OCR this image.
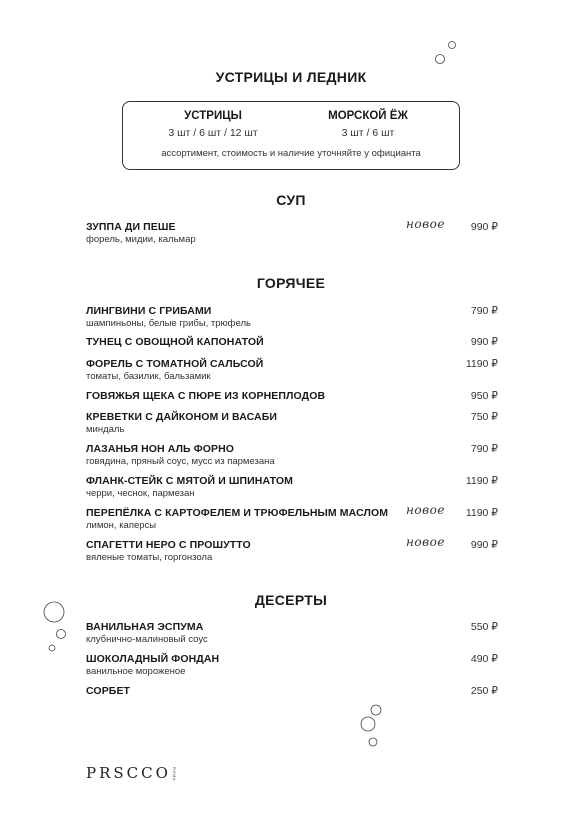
УСТРИЦЫ И ЛЕДНИК
УСТРИЦЫ
3 шт / 6 шт / 12 шт
МОРСКОЙ ЁЖ
3 шт / 6 шт
ассортимент, стоимость и наличие уточняйте у официанта
СУП
ЗУППА ДИ ПЕШЕ
форель, мидии, кальмар
новое 990 ₽
ГОРЯЧЕЕ
ЛИНГВИНИ С ГРИБАМИ
шампиньоны, белые грибы, трюфель
790 ₽
ТУНЕЦ С ОВОЩНОЙ КАПОНАТОЙ	990 ₽
ФОРЕЛЬ С ТОМАТНОЙ САЛЬСОЙ
томаты, базилик, бальзамик
1190 ₽
ГОВЯЖЬЯ ЩЕКА С ПЮРЕ ИЗ КОРНЕПЛОДОВ	950 ₽
КРЕВЕТКИ С ДАЙКОНОМ И ВАСАБИ
миндаль
750 ₽
ЛАЗАНЬЯ НОН АЛЬ ФОРНО
говядина, пряный соус, мусс из пармезана
790 ₽
ФЛАНК-СТЕЙК С МЯТОЙ И ШПИНАТОМ
черри, чеснок, пармезан
1190 ₽
ПЕРЕПЁЛКА С КАРТОФЕЛЕМ И ТРЮФЕЛЬНЫМ МАСЛОМ
лимон, каперсы
новое 1190 ₽
СПАГЕТТИ НЕРО С ПРОШУТТО
вяленые томаты, горгонзола
новое 990 ₽
ДЕСЕРТЫ
ВАНИЛЬНАЯ ЭСПУМА
клубнично-малиновый соус
550 ₽
ШОКОЛАДНЫЙ ФОНДАН
ванильное мороженое
490 ₽
СОРБЕТ	250 ₽
PRSCCO ROMA
